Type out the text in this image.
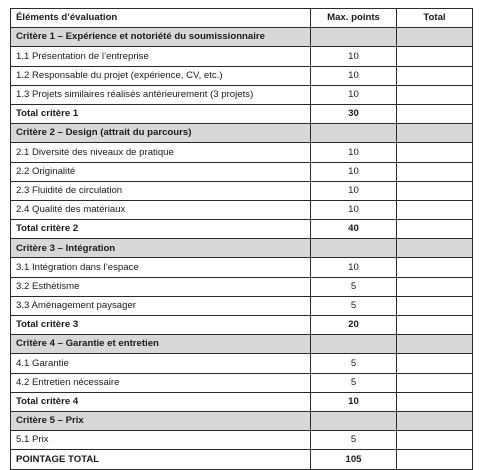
Éléments d’évaluation	Max. points	Total
Critère 1 – Expérience et notoriété du soumissionnaire		
1.1 Présentation de l’entreprise	10	
1.2 Responsable du projet (expérience, CV, etc.)	10	
1.3 Projets similaires réalisés antérieurement (3 projets)	10	
Total critère 1	30	
Critère 2 – Design (attrait du parcours)		
2.1 Diversité des niveaux de pratique	10	
2.2 Originalité	10	
2.3 Fluidité de circulation	10	
2.4 Qualité des matériaux	10	
Total critère 2	40	
Critère 3 – Intégration		
3.1 Intégration dans l’espace	10	
3.2 Esthétisme	5	
3.3 Aménagement paysager	5	
Total critère 3	20	
Critère 4 – Garantie et entretien		
4.1 Garantie	5	
4.2 Entretien nécessaire	5	
Total critère 4	10	
Critère 5 – Prix		
5.1 Prix	5	
POINTAGE TOTAL	105	
